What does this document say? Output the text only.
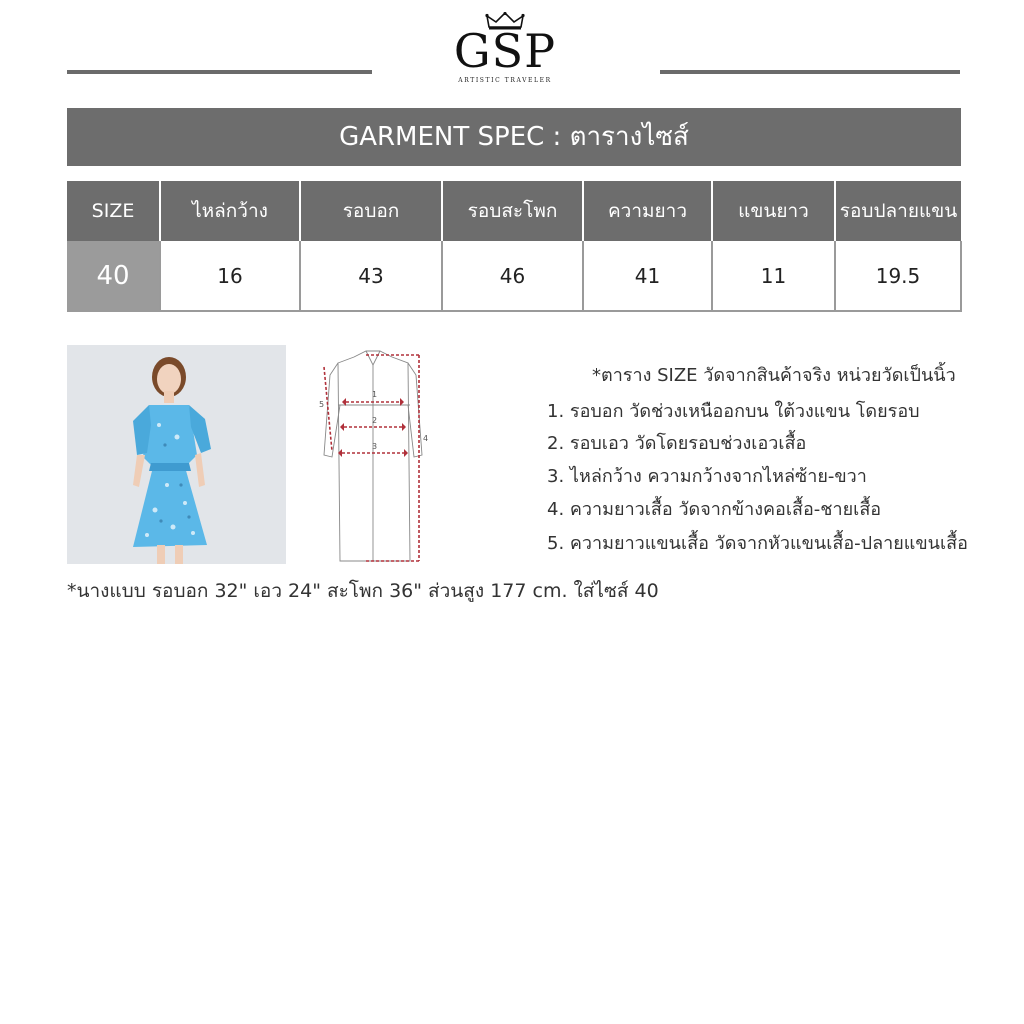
GSP
ARTISTIC TRAVELER
GARMENT SPEC : ตารางไซส์
SIZE	ไหล่กว้าง	รอบอก	รอบสะโพก	ความยาว	แขนยาว	รอบปลายแขน
40	16	43	46	41	11	19.5
1
2
3
4
5
*ตาราง SIZE วัดจากสินค้าจริง หน่วยวัดเป็นนิ้ว
1. รอบอก วัดช่วงเหนืออกบน ใต้วงแขน โดยรอบ
2. รอบเอว วัดโดยรอบช่วงเอวเสื้อ
3. ไหล่กว้าง ความกว้างจากไหล่ซ้าย-ขวา
4. ความยาวเสื้อ วัดจากข้างคอเสื้อ-ชายเสื้อ
5. ความยาวแขนเสื้อ วัดจากหัวแขนเสื้อ-ปลายแขนเสื้อ
*นางแบบ รอบอก 32" เอว 24" สะโพก 36" ส่วนสูง 177 cm. ใส่ไซส์ 40
